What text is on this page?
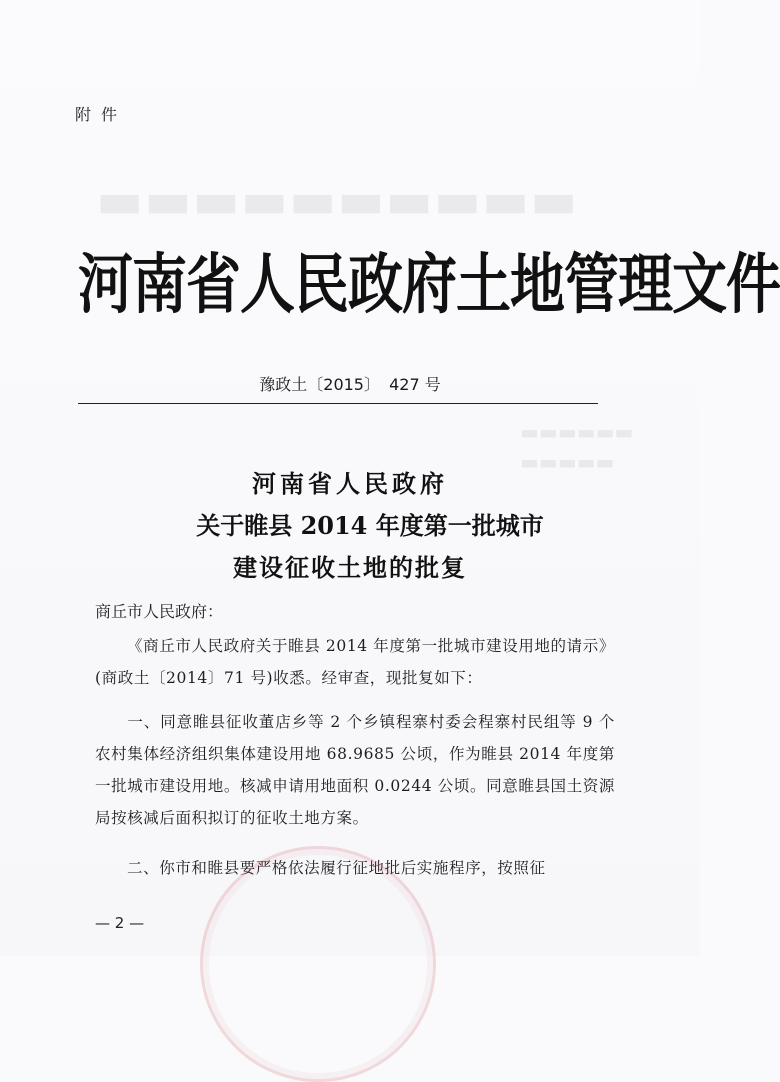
▬▬▬▬▬▬▬▬▬▬
▬▬▬▬▬▬
▬▬▬▬▬
附件
河南省人民政府土地管理文件
豫政土〔2015〕 427 号
河南省人民政府
关于睢县 2014 年度第一批城市
建设征收土地的批复
商丘市人民政府：
《商丘市人民政府关于睢县 2014 年度第一批城市建设用地的请示》(商政土〔2014〕71 号)收悉。经审查，现批复如下：
一、同意睢县征收董店乡等 2 个乡镇程寨村委会程寨村民组等 9 个农村集体经济组织集体建设用地 68.9685 公顷，作为睢县 2014 年度第一批城市建设用地。核减申请用地面积 0.0244 公顷。同意睢县国土资源局按核减后面积拟订的征收土地方案。
二、你市和睢县要严格依法履行征地批后实施程序，按照征
— 2 —
